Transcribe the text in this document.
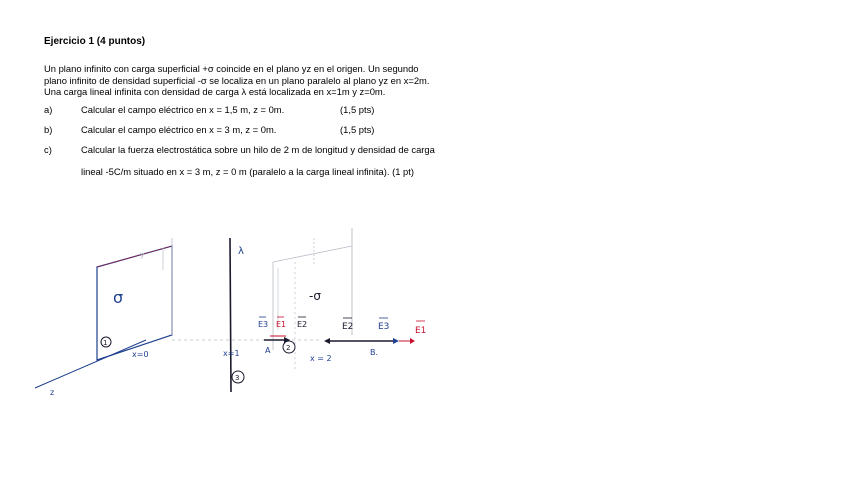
Ejercicio 1 (4 puntos)
Un plano infinito con carga superficial +σ coincide en el plano yz en el origen. Un segundo
plano infinito de densidad superficial -σ se localiza en un plano paralelo al plano yz en x=2m.
Una carga lineal infinita con densidad de carga λ está localizada en x=1m y z=0m.
a)	Calcular el campo eléctrico en x = 1,5 m, z = 0m.	(1,5 pts)
b)	Calcular el campo eléctrico en x = 3 m, z = 0m.	(1,5 pts)
c)	Calcular la fuerza electrostática sobre un hilo de 2 m de longitud y densidad de carga
lineal -5C/m situado en x = 3 m, z = 0 m (paralelo a la carga lineal infinita). (1 pt)
σ
y
1
x=0
z
λ
x=1
3
-σ
x = 2
2
A
E3 E1 E2
B.
E2	E3	E1
